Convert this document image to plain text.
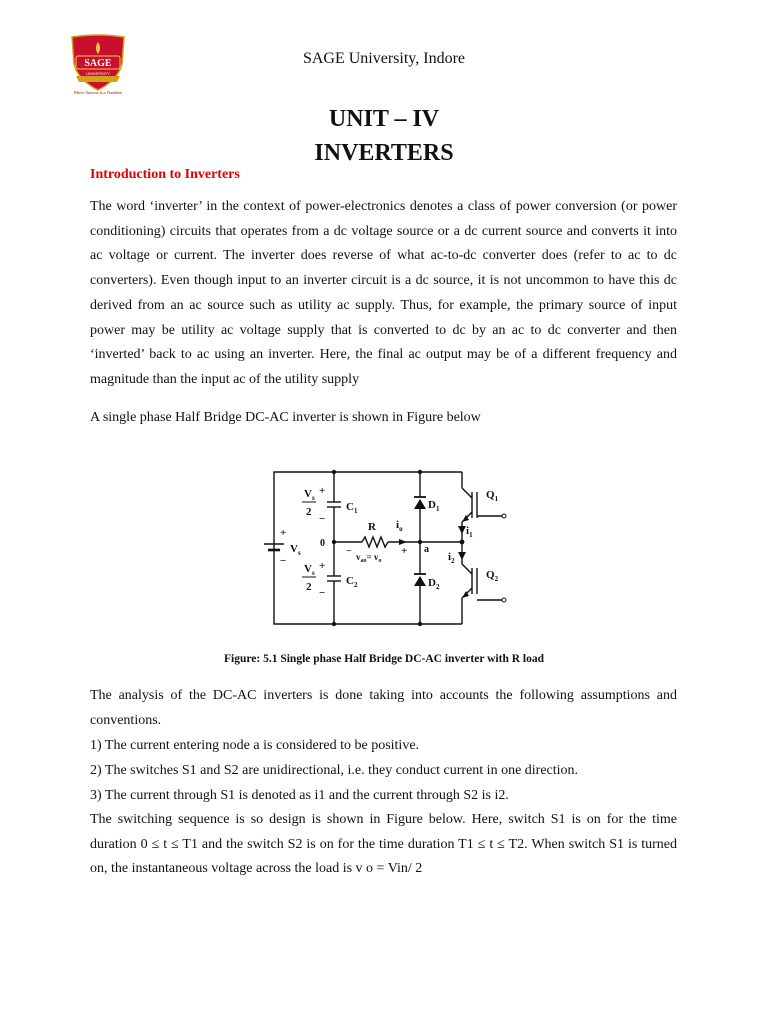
SAGE
UNIVERSITY
Where Success is a Tradition
SAGE University, Indore
UNIT – IV
INVERTERS
Introduction to Inverters

The word ‘inverter’ in the context of power-electronics denotes a class of power conversion (or power conditioning) circuits that operates from a dc voltage source or a dc current source and converts it into ac voltage or current. The inverter does reverse of what ac-to-dc converter does (refer to ac to dc converters). Even though input to an inverter circuit is a dc source, it is not uncommon to have this dc derived from an ac source such as utility ac supply. Thus, for example, the primary source of input power may be utility ac voltage supply that is converted to dc by an ac to dc converter and then ‘inverted’ back to ac using an inverter. Here, the final ac output may be of a different frequency and magnitude than the input ac of the utility supply

A single phase Half Bridge DC-AC inverter is shown in Figure below

+
−
$V_s$
$V_s$
2
+
−
$C_1$
$V_s$
2
+
−
$C_2$
0
R $i_o$
− $v_{ao}= v_o$
+ a
$D_1$
$D_2$
$Q_1$
$Q_2$
$i_1$
$i_2$
Figure: 5.1 Single phase Half Bridge DC-AC inverter with R load

The analysis of the DC-AC inverters is done taking into accounts the following assumptions and conventions.

1) The current entering node a is considered to be positive.
2) The switches S1 and S2 are unidirectional, i.e. they conduct current in one direction.
3) The current through S1 is denoted as i1 and the current through S2 is i2.

The switching sequence is so design is shown in Figure below. Here, switch S1 is on for the time duration 0 ≤ t ≤ T1 and the switch S2 is on for the time duration T1 ≤ t ≤ T2. When switch S1 is turned on, the instantaneous voltage across the load is v o = Vin/ 2
